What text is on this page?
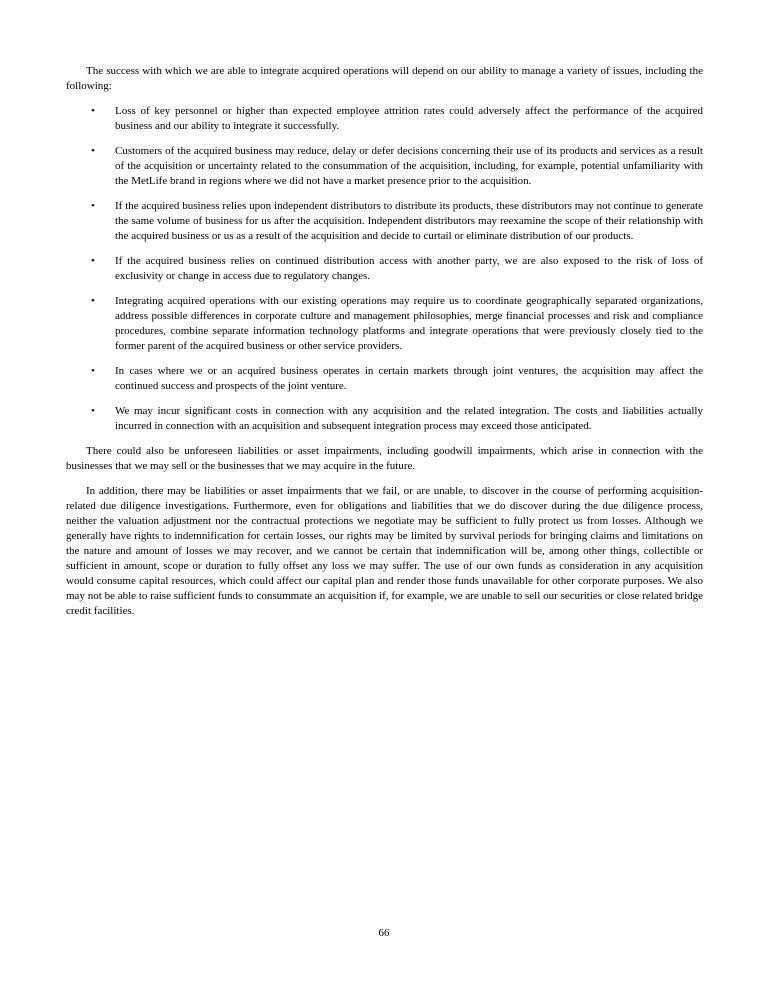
The success with which we are able to integrate acquired operations will depend on our ability to manage a variety of issues, including the following:

• Loss of key personnel or higher than expected employee attrition rates could adversely affect the performance of the acquired business and our ability to integrate it successfully.
• Customers of the acquired business may reduce, delay or defer decisions concerning their use of its products and services as a result of the acquisition or uncertainty related to the consummation of the acquisition, including, for example, potential unfamiliarity with the MetLife brand in regions where we did not have a market presence prior to the acquisition.
• If the acquired business relies upon independent distributors to distribute its products, these distributors may not continue to generate the same volume of business for us after the acquisition. Independent distributors may reexamine the scope of their relationship with the acquired business or us as a result of the acquisition and decide to curtail or eliminate distribution of our products.
• If the acquired business relies on continued distribution access with another party, we are also exposed to the risk of loss of exclusivity or change in access due to regulatory changes.
• Integrating acquired operations with our existing operations may require us to coordinate geographically separated organizations, address possible differences in corporate culture and management philosophies, merge financial processes and risk and compliance procedures, combine separate information technology platforms and integrate operations that were previously closely tied to the former parent of the acquired business or other service providers.
• In cases where we or an acquired business operates in certain markets through joint ventures, the acquisition may affect the continued success and prospects of the joint venture.
• We may incur significant costs in connection with any acquisition and the related integration. The costs and liabilities actually incurred in connection with an acquisition and subsequent integration process may exceed those anticipated.

There could also be unforeseen liabilities or asset impairments, including goodwill impairments, which arise in connection with the businesses that we may sell or the businesses that we may acquire in the future.

In addition, there may be liabilities or asset impairments that we fail, or are unable, to discover in the course of performing acquisition-related due diligence investigations. Furthermore, even for obligations and liabilities that we do discover during the due diligence process, neither the valuation adjustment nor the contractual protections we negotiate may be sufficient to fully protect us from losses. Although we generally have rights to indemnification for certain losses, our rights may be limited by survival periods for bringing claims and limitations on the nature and amount of losses we may recover, and we cannot be certain that indemnification will be, among other things, collectible or sufficient in amount, scope or duration to fully offset any loss we may suffer. The use of our own funds as consideration in any acquisition would consume capital resources, which could affect our capital plan and render those funds unavailable for other corporate purposes. We also may not be able to raise sufficient funds to consummate an acquisition if, for example, we are unable to sell our securities or close related bridge credit facilities.

66
